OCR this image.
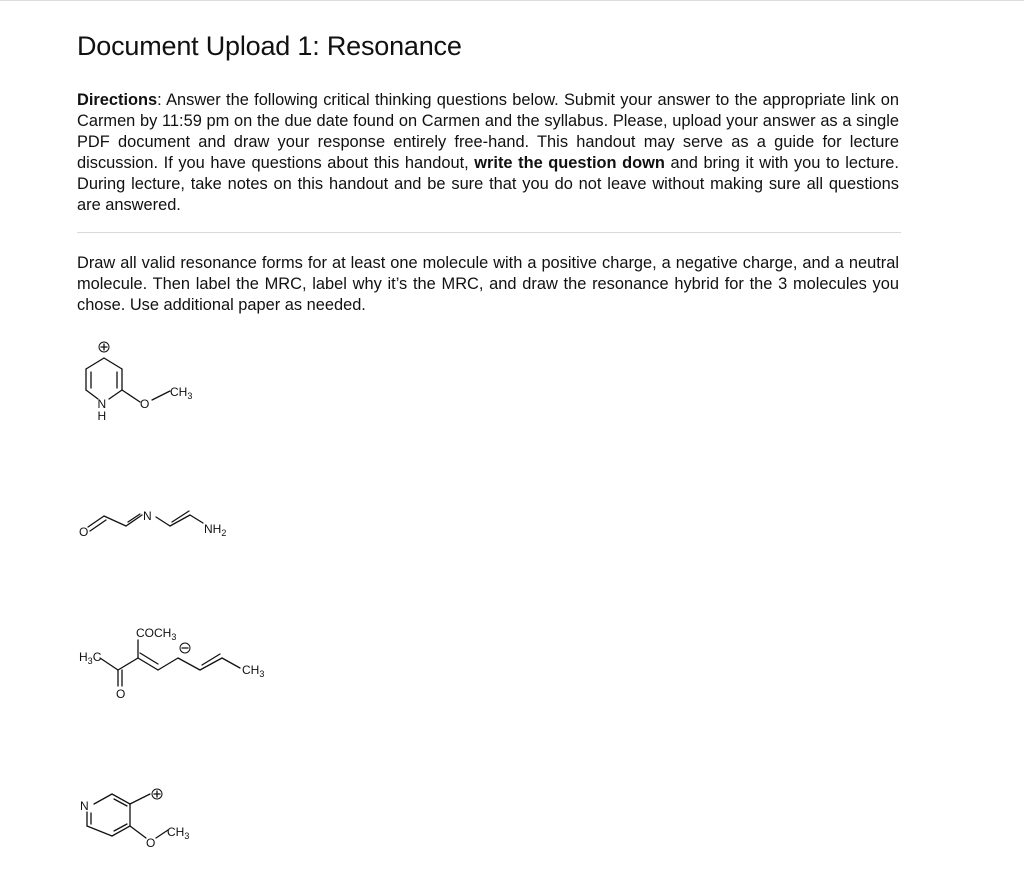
Document Upload 1: Resonance

Directions: Answer the following critical thinking questions below. Submit your answer to the appropriate link on Carmen by 11:59 pm on the due date found on Carmen and the syllabus. Please, upload your answer as a single PDF document and draw your response entirely free-hand. This handout may serve as a guide for lecture discussion. If you have questions about this handout, write the question down and bring it with you to lecture. During lecture, take notes on this handout and be sure that you do not leave without making sure all questions are answered.

Draw all valid resonance forms for at least one molecule with a positive charge, a negative charge, and a neutral molecule. Then label the MRC, label why it’s the MRC, and draw the resonance hybrid for the 3 molecules you chose. Use additional paper as needed.

N
H
O
$CH_3$
O
N
$NH_2$
$COCH_3$
$H_3C$
O
$CH_3$
N
O
$CH_3$
